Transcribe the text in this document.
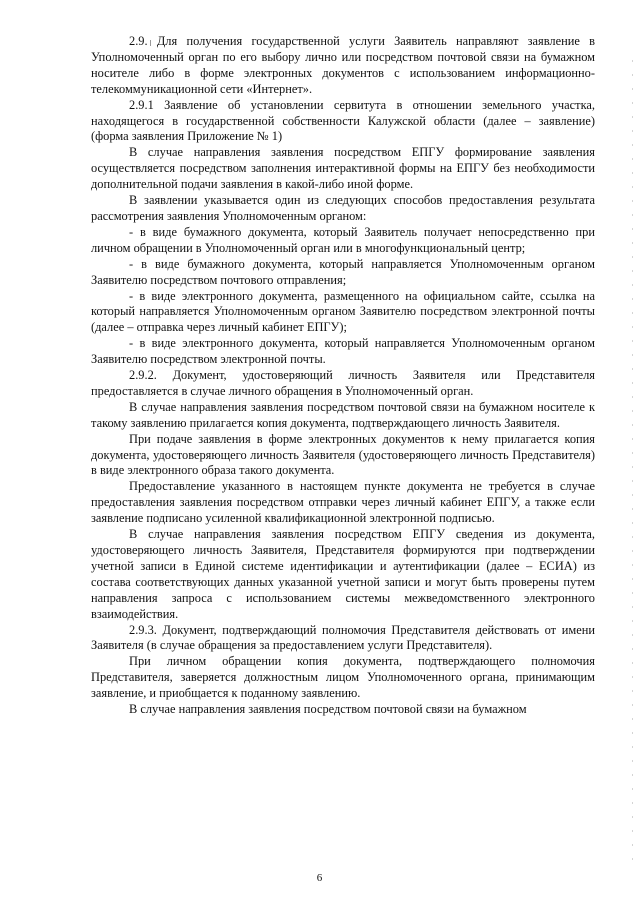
2.9. Для получения государственной услуги Заявитель направляют заявление в Уполномоченный орган по его выбору лично или посредством почтовой связи на бумажном носителе либо в форме электронных документов с использованием информационно-телекоммуникационной сети «Интернет».

2.9.1 Заявление об установлении сервитута в отношении земельного участка, находящегося в государственной собственности Калужской области (далее – заявление) (форма заявления Приложение № 1)

В случае направления заявления посредством ЕПГУ формирование заявления осуществляется посредством заполнения интерактивной формы на ЕПГУ без необходимости дополнительной подачи заявления в какой-либо иной форме.

В заявлении указывается один из следующих способов предоставления результата рассмотрения заявления Уполномоченным органом:

- в виде бумажного документа, который Заявитель получает непосредственно при личном обращении в Уполномоченный орган или в многофункциональный центр;

- в виде бумажного документа, который направляется Уполномоченным органом Заявителю посредством почтового отправления;

- в виде электронного документа, размещенного на официальном сайте, ссылка на который направляется Уполномоченным органом Заявителю посредством электронной почты (далее – отправка через личный кабинет ЕПГУ);

- в виде электронного документа, который направляется Уполномоченным органом Заявителю посредством электронной почты.

2.9.2. Документ, удостоверяющий личность Заявителя или Представителя предоставляется в случае личного обращения в Уполномоченный орган.

В случае направления заявления посредством почтовой связи на бумажном носителе к такому заявлению прилагается копия документа, подтверждающего личность Заявителя.

При подаче заявления в форме электронных документов к нему прилагается копия документа, удостоверяющего личность Заявителя (удостоверяющего личность Представителя) в виде электронного образа такого документа.

Предоставление указанного в настоящем пункте документа не требуется в случае предоставления заявления посредством отправки через личный кабинет ЕПГУ, а также если заявление подписано усиленной квалификационной электронной подписью.

В случае направления заявления посредством ЕПГУ сведения из документа, удостоверяющего личность Заявителя, Представителя формируются при подтверждении учетной записи в Единой системе идентификации и аутентификации (далее – ЕСИА) из состава соответствующих данных указанной учетной записи и могут быть проверены путем направления запроса с использованием системы межведомственного электронного взаимодействия.

2.9.3. Документ, подтверждающий полномочия Представителя действовать от имени Заявителя (в случае обращения за предоставлением услуги Представителя).

При личном обращении копия документа, подтверждающего полномочия Представителя, заверяется должностным лицом Уполномоченного органа, принимающим заявление, и приобщается к поданному заявлению.

В случае направления заявления посредством почтовой связи на бумажном

6
